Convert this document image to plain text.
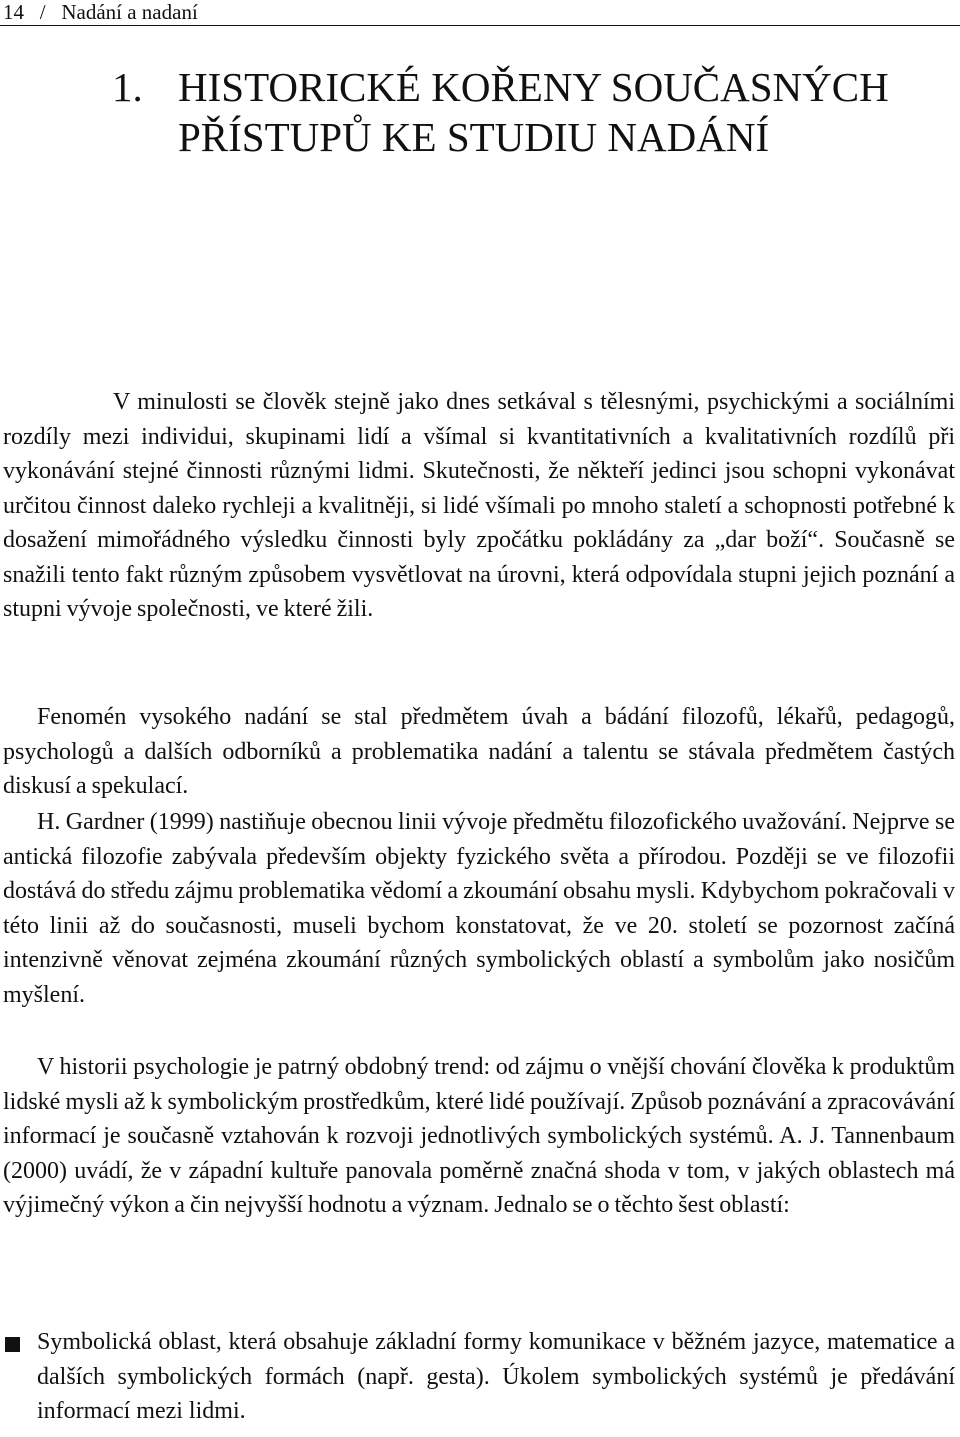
14 / Nadání a nadaní
1. HISTORICKÉ KOŘENY SOUČASNÝCH
PŘÍSTUPŮ KE STUDIU NADÁNÍ

V minulosti se člověk stejně jako dnes setkával s tělesnými, psychickými a sociálními rozdíly mezi individui, skupinami lidí a všímal si kvantitativních a kvalitativních rozdílů při vykonávání stejné činnosti různými lidmi. Skutečnosti, že někteří jedinci jsou schopni vykonávat určitou činnost daleko rychleji a kvalitněji, si lidé všímali po mnoho staletí a schopnosti potřebné k dosažení mimořádného výsledku činnosti byly zpočátku pokládány za „dar boží“. Současně se snažili tento fakt různým způsobem vysvětlovat na úrovni, která odpovídala stupni jejich poznání a stupni vývoje společnosti, ve které žili.

Fenomén vysokého nadání se stal předmětem úvah a bádání filozofů, lékařů, pedagogů, psychologů a dalších odborníků a problematika nadání a talentu se stávala předmětem častých diskusí a spekulací.

H. Gardner (1999) nastiňuje obecnou linii vývoje předmětu filozofického uvažování. Nejprve se antická filozofie zabývala především objekty fyzického světa a přírodou. Později se ve filozofii dostává do středu zájmu problematika vědomí a zkoumání obsahu mysli. Kdybychom pokračovali v této linii až do současnosti, museli bychom konstatovat, že ve 20. století se pozornost začíná intenzivně věnovat zejména zkoumání různých symbolických oblastí a symbolům jako nosičům myšlení.

V historii psychologie je patrný obdobný trend: od zájmu o vnější chování člověka k produktům lidské mysli až k symbolickým prostředkům, které lidé používají. Způsob poznávání a zpracovávání informací je současně vztahován k rozvoji jednotlivých symbolických systémů. A. J. Tannenbaum (2000) uvádí, že v západní kultuře panovala poměrně značná shoda v tom, v jakých oblastech má výjimečný výkon a čin nejvyšší hodnotu a význam. Jednalo se o těchto šest oblastí:

Symbolická oblast, která obsahuje základní formy komunikace v běžném jazyce, matematice a dalších symbolických formách (např. gesta). Úkolem symbolických systémů je předávání informací mezi lidmi.
